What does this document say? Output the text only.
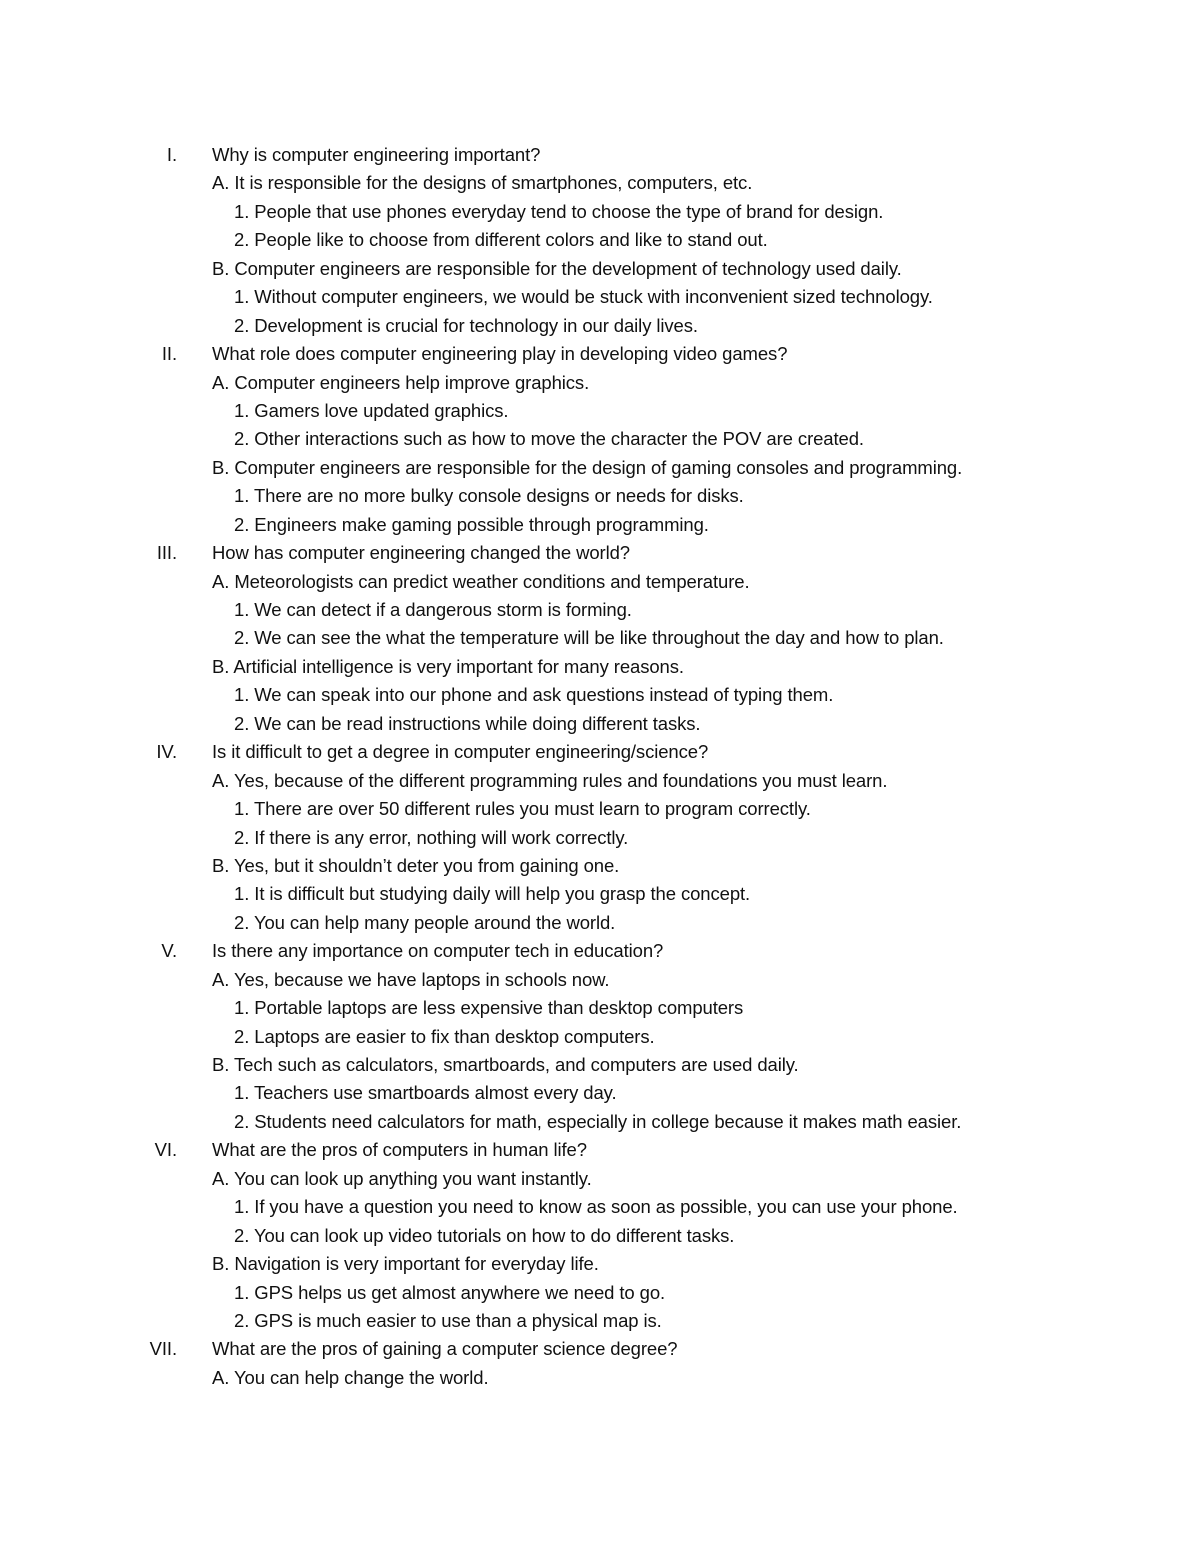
I. Why is computer engineering important?
A. It is responsible for the designs of smartphones, computers, etc.
1. People that use phones everyday tend to choose the type of brand for design.
2. People like to choose from different colors and like to stand out.
B. Computer engineers are responsible for the development of technology used daily.
1. Without computer engineers, we would be stuck with inconvenient sized technology.
2. Development is crucial for technology in our daily lives.
II. What role does computer engineering play in developing video games?
A. Computer engineers help improve graphics.
1. Gamers love updated graphics.
2. Other interactions such as how to move the character the POV are created.
B. Computer engineers are responsible for the design of gaming consoles and programming.
1. There are no more bulky console designs or needs for disks.
2. Engineers make gaming possible through programming.
III. How has computer engineering changed the world?
A. Meteorologists can predict weather conditions and temperature.
1. We can detect if a dangerous storm is forming.
2. We can see the what the temperature will be like throughout the day and how to plan.
B. Artificial intelligence is very important for many reasons.
1. We can speak into our phone and ask questions instead of typing them.
2. We can be read instructions while doing different tasks.
IV. Is it difficult to get a degree in computer engineering/science?
A. Yes, because of the different programming rules and foundations you must learn.
1. There are over 50 different rules you must learn to program correctly.
2. If there is any error, nothing will work correctly.
B. Yes, but it shouldn’t deter you from gaining one.
1. It is difficult but studying daily will help you grasp the concept.
2. You can help many people around the world.
V. Is there any importance on computer tech in education?
A. Yes, because we have laptops in schools now.
1. Portable laptops are less expensive than desktop computers
2. Laptops are easier to fix than desktop computers.
B. Tech such as calculators, smartboards, and computers are used daily.
1. Teachers use smartboards almost every day.
2. Students need calculators for math, especially in college because it makes math easier.
VI. What are the pros of computers in human life?
A. You can look up anything you want instantly.
1. If you have a question you need to know as soon as possible, you can use your phone.
2. You can look up video tutorials on how to do different tasks.
B. Navigation is very important for everyday life.
1. GPS helps us get almost anywhere we need to go.
2. GPS is much easier to use than a physical map is.
VII. What are the pros of gaining a computer science degree?
A. You can help change the world.
